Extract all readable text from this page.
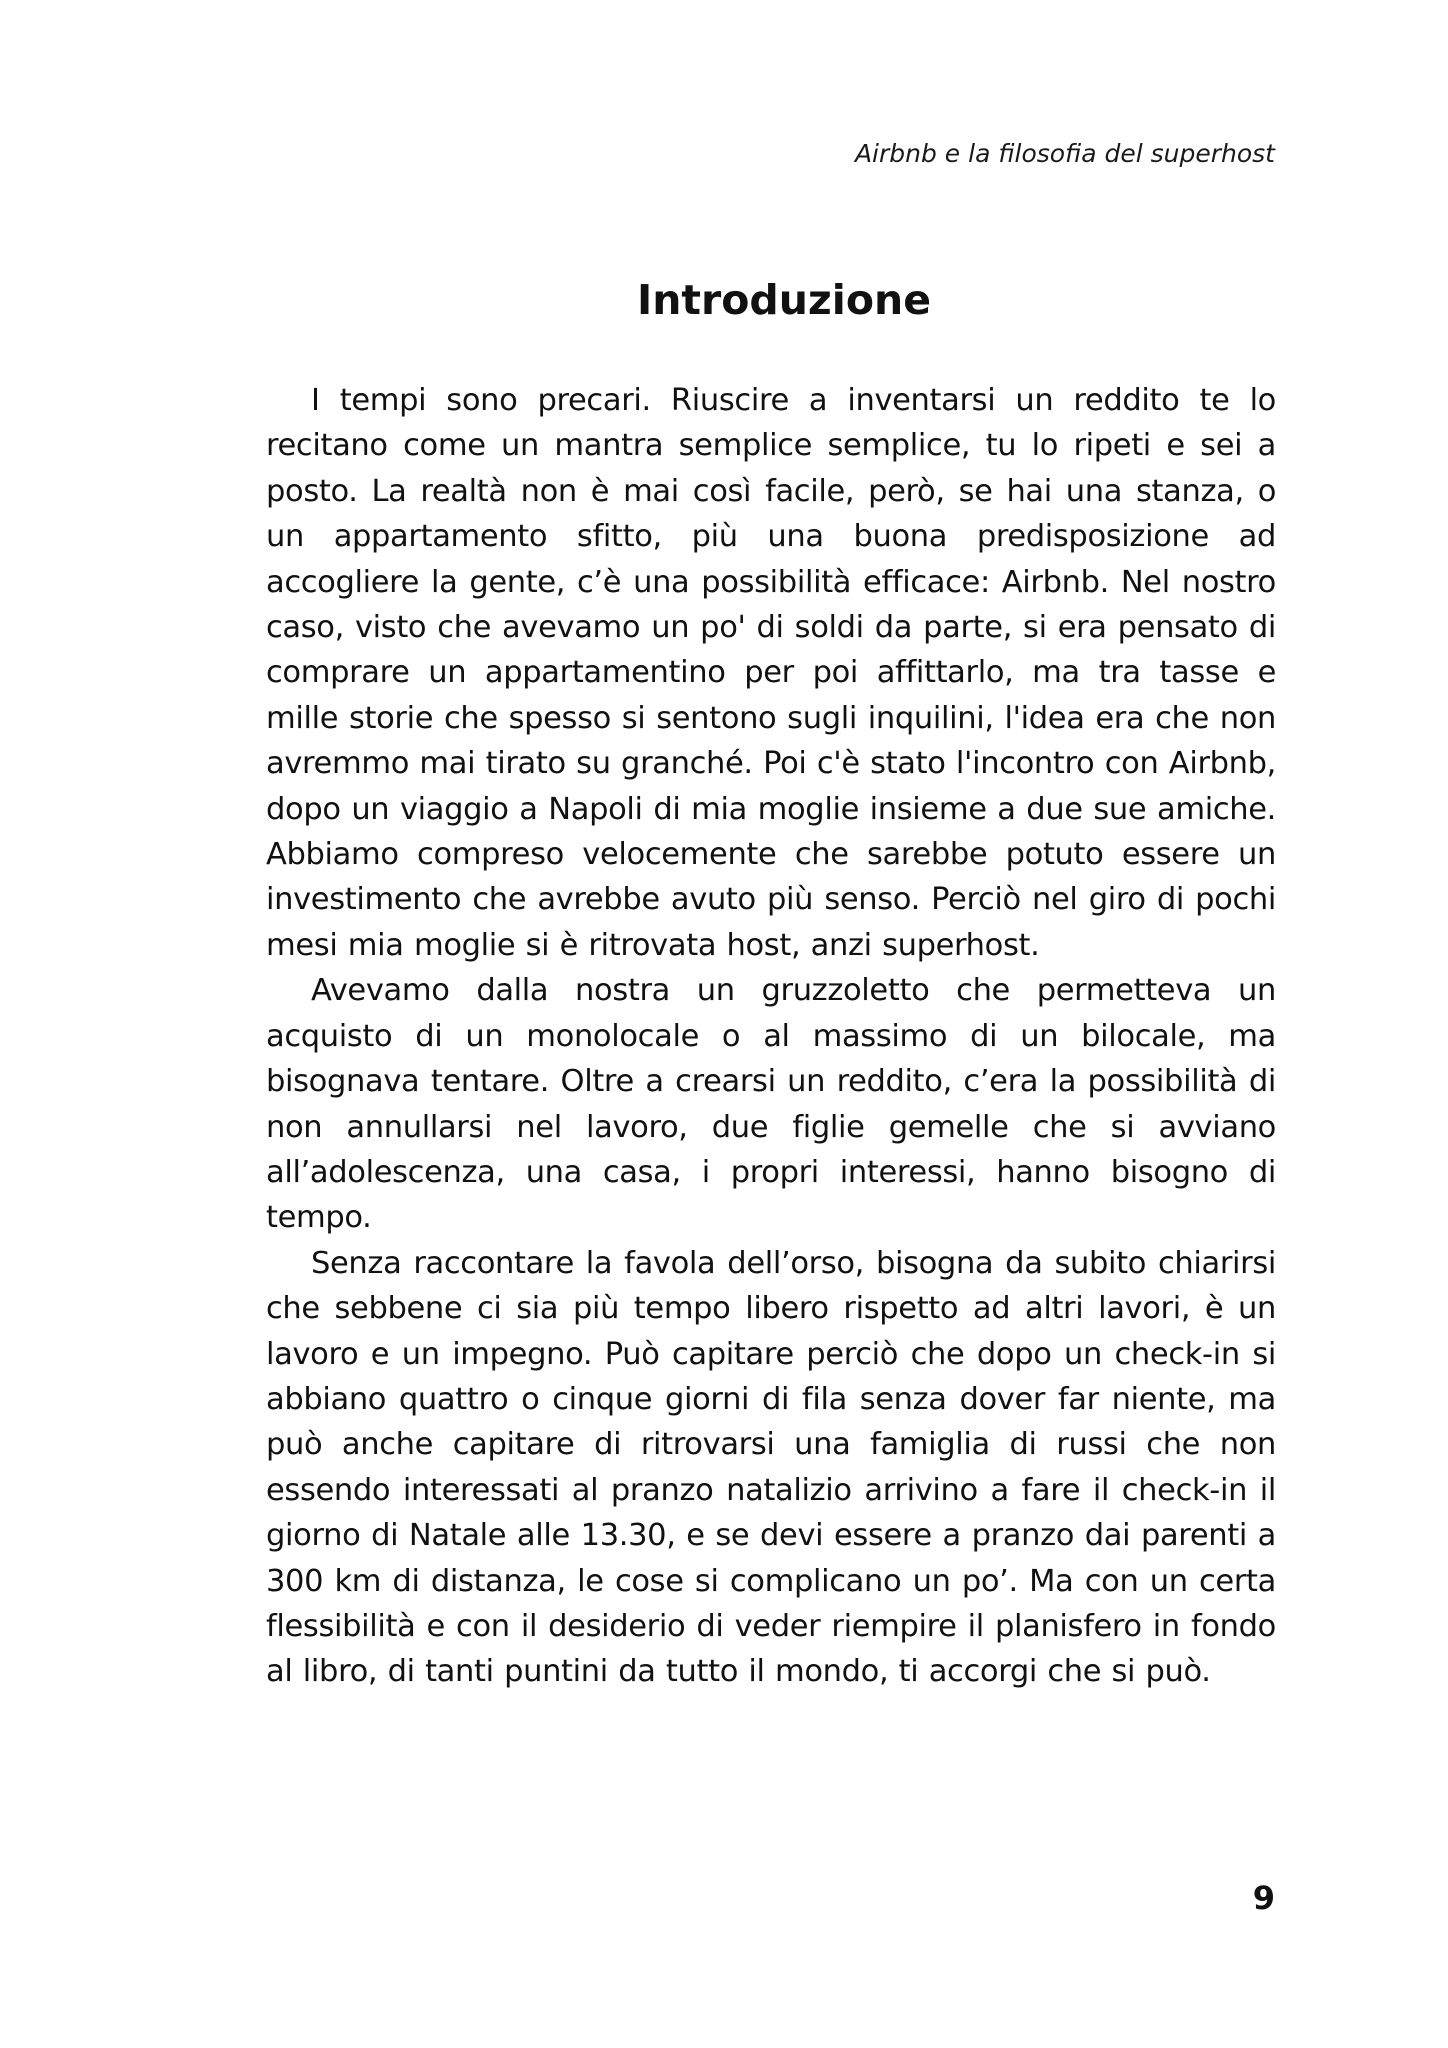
Airbnb e la filosofia del superhost
Introduzione

I tempi sono precari. Riuscire a inventarsi un reddito te lo recitano come un mantra semplice semplice, tu lo ripeti e sei a posto. La realtà non è mai così facile, però, se hai una stanza, o un appartamento sfitto, più una buona predisposizione ad accogliere la gente, c’è una possibilità efficace: Airbnb. Nel nostro caso, visto che avevamo un po' di soldi da parte, si era pensato di comprare un appartamentino per poi affittarlo, ma tra tasse e mille storie che spesso si sentono sugli inquilini, l'idea era che non avremmo mai tirato su granché. Poi c'è stato l'incontro con Airbnb, dopo un viaggio a Napoli di mia moglie insieme a due sue amiche. Abbiamo compreso velocemente che sarebbe potuto essere un investimento che avrebbe avuto più senso. Perciò nel giro di pochi mesi mia moglie si è ritrovata host, anzi superhost.

Avevamo dalla nostra un gruzzoletto che permetteva un acquisto di un monolocale o al massimo di un bilocale, ma bisognava tentare. Oltre a crearsi un reddito, c’era la possibilità di non annullarsi nel lavoro, due figlie gemelle che si avviano all’adolescenza, una casa, i propri interessi, hanno bisogno di tempo.

Senza raccontare la favola dell’orso, bisogna da subito chiarirsi che sebbene ci sia più tempo libero rispetto ad altri lavori, è un lavoro e un impegno. Può capitare perciò che dopo un check-in si abbiano quattro o cinque giorni di fila senza dover far niente, ma può anche capitare di ritrovarsi una famiglia di russi che non essendo interessati al pranzo natalizio arrivino a fare il check-in il giorno di Natale alle 13.30, e se devi essere a pranzo dai parenti a 300 km di distanza, le cose si complicano un po’. Ma con un certa flessibilità e con il desiderio di veder riempire il planisfero in fondo al libro, di tanti puntini da tutto il mondo, ti accorgi che si può.

9
